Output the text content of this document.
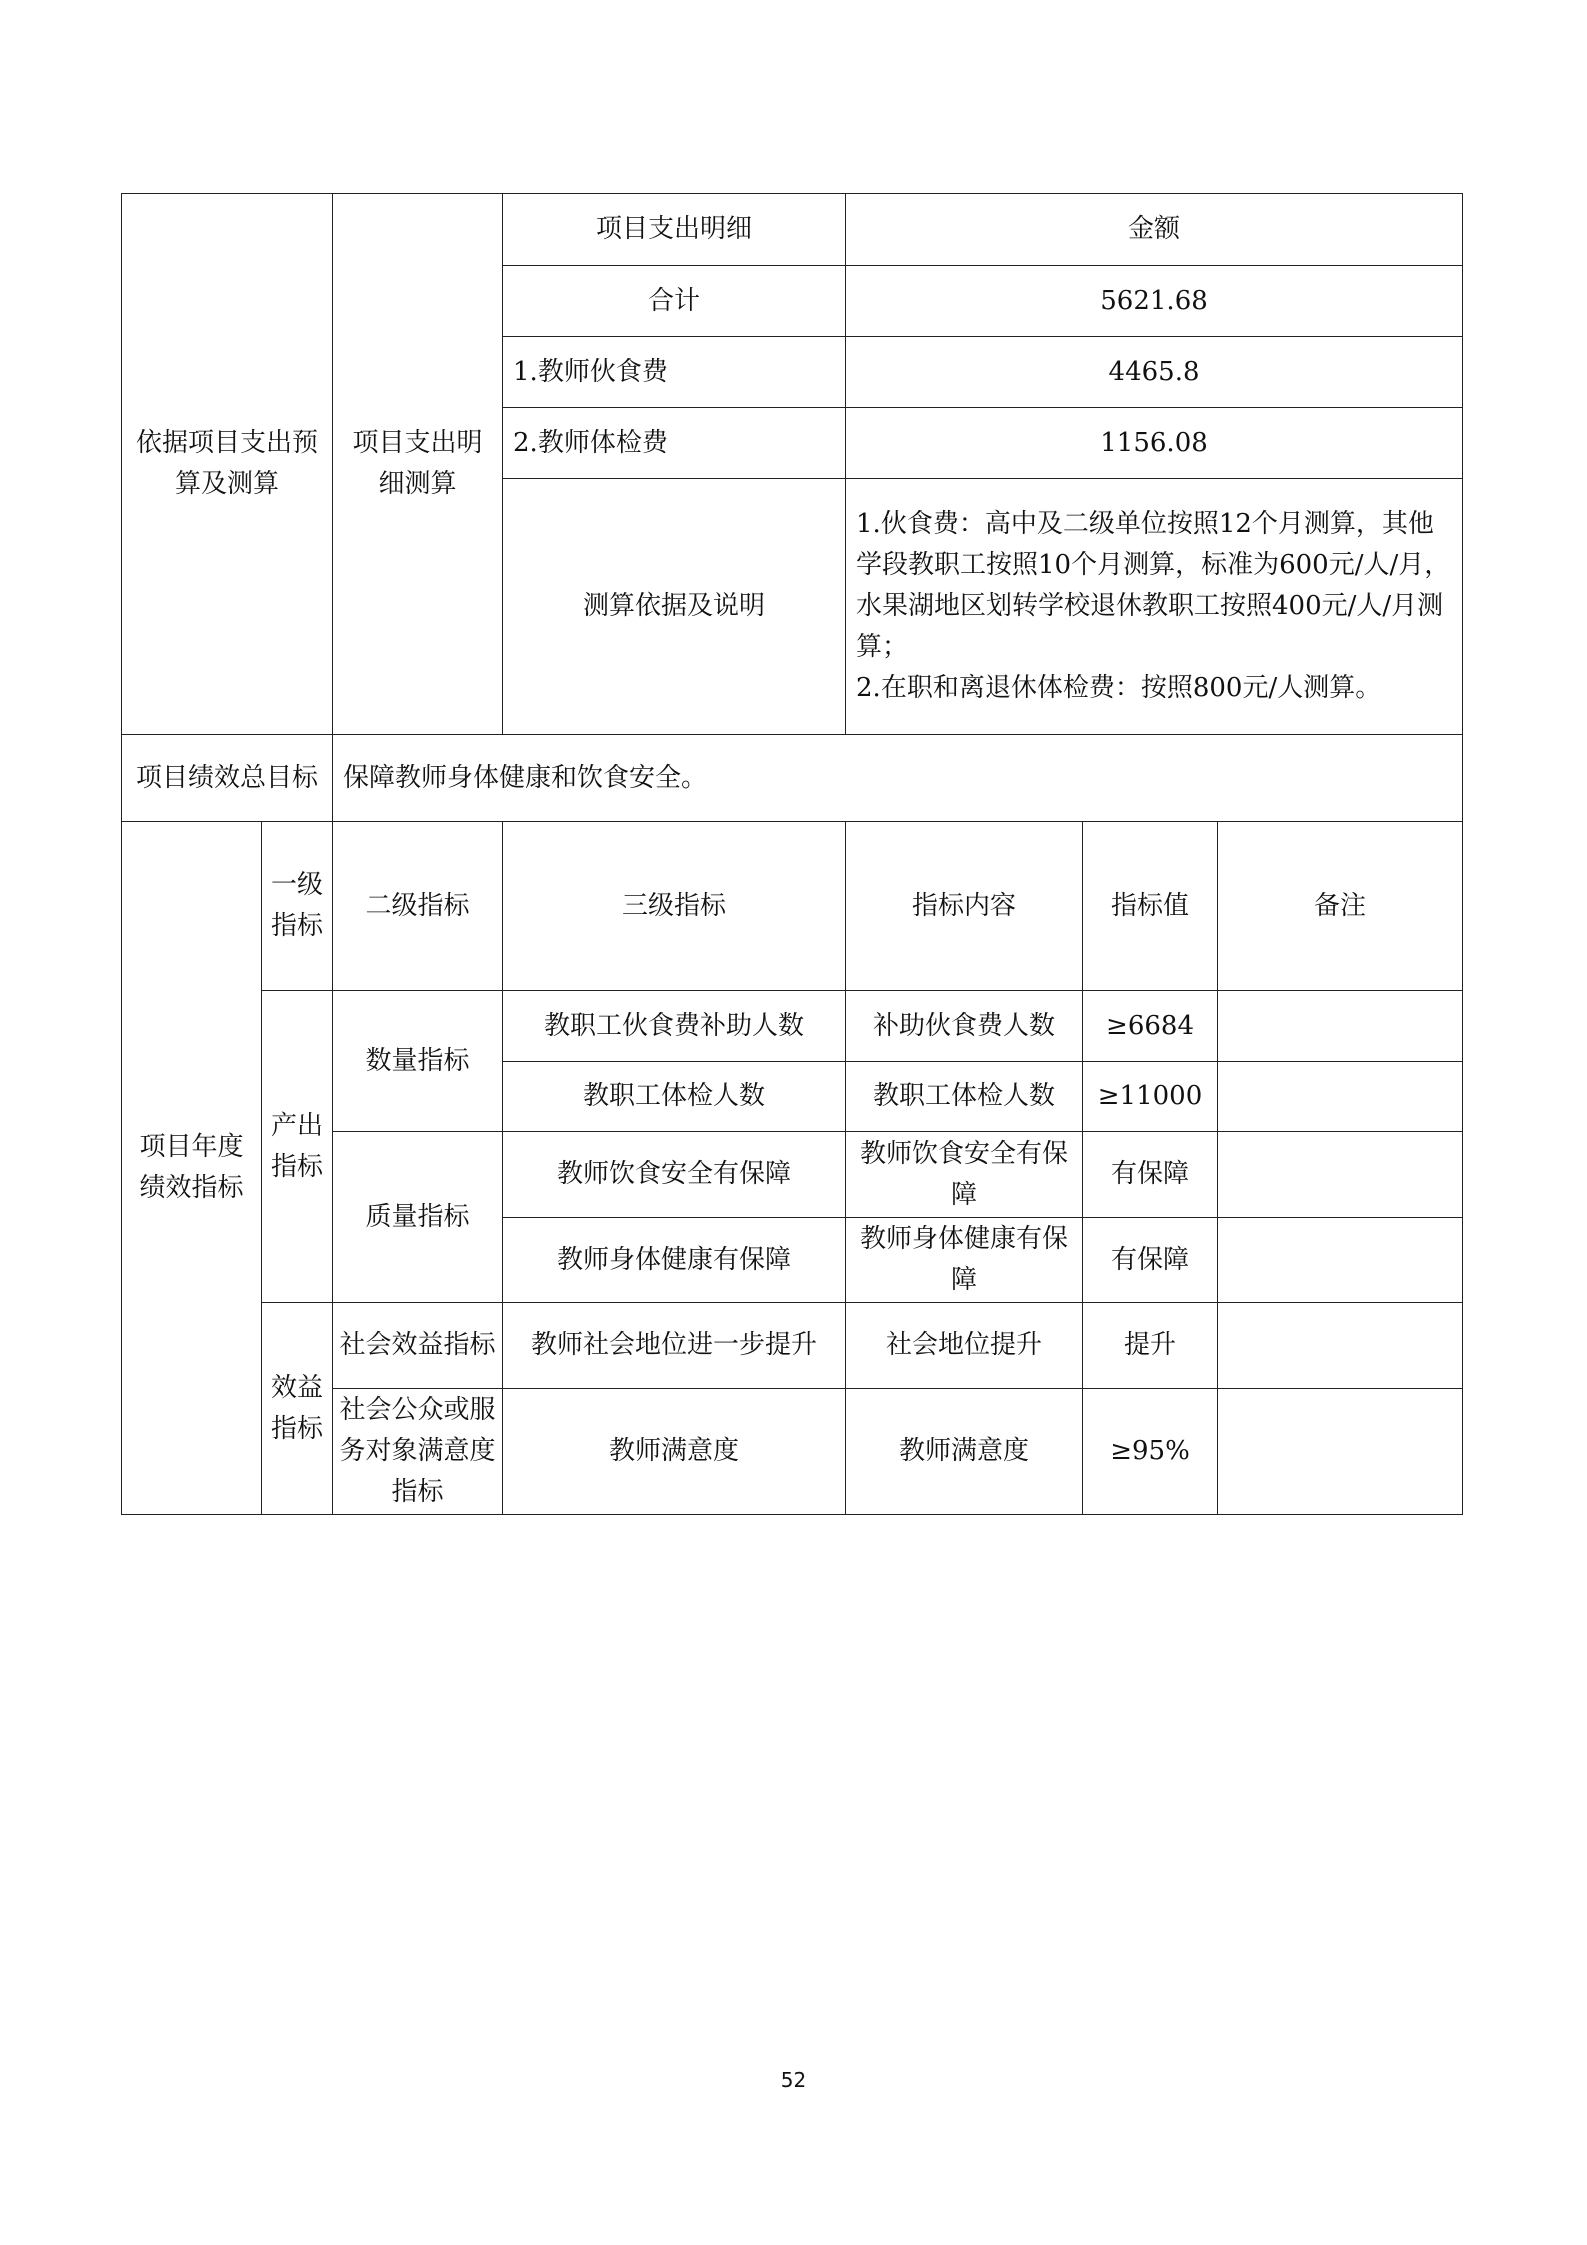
依据项目支出预算及测算		项目支出明细测算	项目支出明细	金额		
			合计	5621.68		
			1.教师伙食费	4465.8		
			2.教师体检费	1156.08		
			测算依据及说明	1.伙食费：高中及二级单位按照12个月测算，其他学段教职工按照10个月测算，标准为600元/人/月，水果湖地区划转学校退休教职工按照400元/人/月测算；
2.在职和离退休体检费：按照800元/人测算。		

项目绩效总目标		保障教师身体健康和饮食安全。				
项目年度绩效指标	一级指标	二级指标	三级指标	指标内容	指标值	备注
	产出指标	数量指标	教职工伙食费补助人数	补助伙食费人数	≥6684	
			教职工体检人数	教职工体检人数	≥11000	
		质量指标	教师饮食安全有保障	教师饮食安全有保障	有保障	
			教师身体健康有保障	教师身体健康有保障	有保障	
	效益指标	社会效益指标	教师社会地位进一步提升	社会地位提升	提升	
		社会公众或服务对象满意度指标	教师满意度	教师满意度	≥95%	
52
